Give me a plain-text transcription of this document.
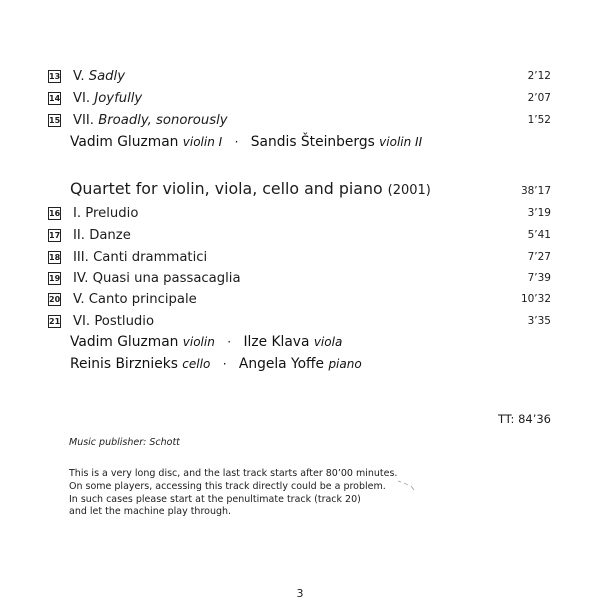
13 V. Sadly	2’12
14 VI. Joyfully	2’07
15 VII. Broadly, sonorously	1’52
Vadim Gluzman violin I · Sandis Šteinbergs violin II
Quartet for violin, viola, cello and piano (2001)	38’17
16 I. Preludio	3’19
17 II. Danze	5’41
18 III. Canti drammatici	7’27
19 IV. Quasi una passacaglia	7’39
20 V. Canto principale	10’32
21 VI. Postludio	3’35
Vadim Gluzman violin · Ilze Klava viola
Reinis Birznieks cello · Angela Yoffe piano
TT: 84’36
Music publisher: Schott
This is a very long disc, and the last track starts after 80’00 minutes.
On some players, accessing this track directly could be a problem.
In such cases please start at the penultimate track (track 20)
and let the machine play through.
3
